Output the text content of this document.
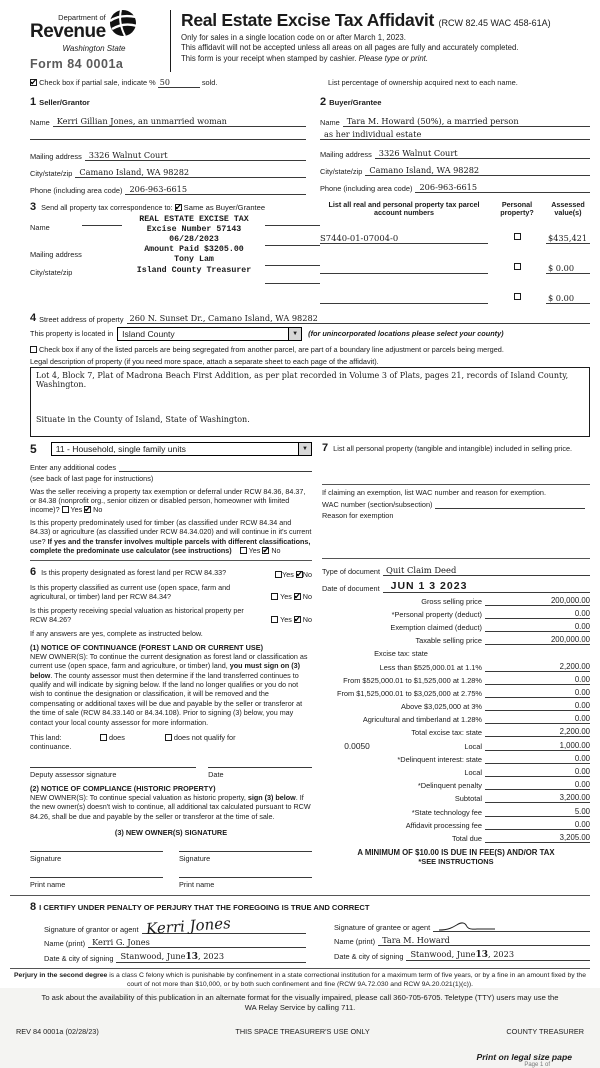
Department of
Revenue
Washington State
Form 84 0001a
Real Estate Excise Tax Affidavit (RCW 82.45 WAC 458-61A)
Only for sales in a single location code on or after March 1, 2023.
This affidavit will not be accepted unless all areas on all pages are fully and accurately completed.
This form is your receipt when stamped by cashier. Please type or print.
✔ Check box if partial sale, indicate % 50	sold.	List percentage of ownership acquired next to each name.
1 Seller/Grantor
Name Kerri Gillian Jones, an unmarried woman
Mailing address 3326 Walnut Court
City/state/zip Camano Island, WA 98282
Phone (including area code) 206-963-6615
2 Buyer/Grantee
Name Tara M. Howard (50%), a married person
as her individual estate
Mailing address 3326 Walnut Court
City/state/zip Camano Island, WA 98282
Phone (including area code) 206-963-6615
3 Send all property tax correspondence to: ✔ Same as Buyer/Grantee
Name
Mailing address
City/state/zip
REAL ESTATE EXCISE TAX
Excise Number 57143
06/28/2023
Amount Paid $3205.00
Tony Lam
Island County Treasurer
List all real and personal property tax parcel account numbers
Personal property?
Assessed value(s)
S7440-01-07004-0	$435,421
$ 0.00
$ 0.00
4 Street address of property 260 N. Sunset Dr., Camano Island, WA 98282
This property is located in	Island County	▼	(for unincorporated locations please select your county)
Check box if any of the listed parcels are being segregated from another parcel, are part of a boundary line adjustment or parcels being merged.
Legal description of property (if you need more space, attach a separate sheet to each page of the affidavit).
Lot 4, Block 7, Plat of Madrona Beach First Addition, as per plat recorded in Volume 3 of Plats, pages 21, records of Island County, Washington.
Situate in the County of Island, State of Washington.
5	11 - Household, single family units	▼
Enter any additional codes
(see back of last page for instructions)
Was the seller receiving a property tax exemption or deferral under RCW 84.36, 84.37, or 84.38 (nonprofit org., senior citizen or disabled person, homeowner with limited income)? Yes ✔ No
Is this property predominately used for timber (as classified under RCW 84.34 and 84.33) or agriculture (as classified under RCW 84.34.020) and will continue in it's current use? If yes and the transfer involves multiple parcels with different classifications, complete the predominate use calculator (see instructions) Yes ✔ No
6 Is this property designated as forest land per RCW 84.33?	Yes ✔ No
Is this property classified as current use (open space, farm and agricultural, or timber) land per RCW 84.34?	Yes ✔ No
Is this property receiving special valuation as historical property per RCW 84.26?	Yes ✔ No
If any answers are yes, complete as instructed below.
(1) NOTICE OF CONTINUANCE (FOREST LAND OR CURRENT USE)
NEW OWNER(S): To continue the current designation as forest land or classification as current use (open space, farm and agriculture, or timber) land, you must sign on (3) below. The county assessor must then determine if the land transferred continues to qualify and will indicate by signing below. If the land no longer qualifies or you do not wish to continue the designation or classification, it will be removed and the compensating or additional taxes will be due and payable by the seller or transferor at the time of sale (RCW 84.33.140 or 84.34.108). Prior to signing (3) below, you may contact your local county assessor for more information.
This land:	does	does not qualify for
continuance.
Deputy assessor signature	Date
(2) NOTICE OF COMPLIANCE (HISTORIC PROPERTY)
NEW OWNER(S): To continue special valuation as historic property, sign (3) below. If the new owner(s) doesn't wish to continue, all additional tax calculated pursuant to RCW 84.26, shall be due and payable by the seller or transferor at the time of sale.
(3) NEW OWNER(S) SIGNATURE
Signature
Print name
Signature
Print name
7 List all personal property (tangible and intangible) included in selling price.
If claiming an exemption, list WAC number and reason for exemption.
WAC number (section/subsection)
Reason for exemption
Type of document Quit Claim Deed
Date of document	JUN 1 3 2023
Gross selling price	200,000.00
*Personal property (deduct)	0.00
Exemption claimed (deduct)	0.00
Taxable selling price	200,000.00
Excise tax: state
Less than $525,000.01 at 1.1%	2,200.00
From $525,000.01 to $1,525,000 at 1.28%	0.00
From $1,525,000.01 to $3,025,000 at 2.75%	0.00
Above $3,025,000 at 3%	0.00
Agricultural and timberland at 1.28%	0.00
Total excise tax: state	2,200.00
0.0050	Local	1,000.00
*Delinquent interest: state	0.00
Local	0.00
*Delinquent penalty	0.00
Subtotal	3,200.00
*State technology fee	5.00
Affidavit processing fee	0.00
Total due	3,205.00
A MINIMUM OF $10.00 IS DUE IN FEE(S) AND/OR TAX
*SEE INSTRUCTIONS
8 I CERTIFY UNDER PENALTY OF PERJURY THAT THE FOREGOING IS TRUE AND CORRECT
Signature of grantor or agent Kerri Jones
Name (print) Kerri G. Jones
Date & city of signing Stanwood, June13, 2023
Signature of grantee or agent
Name (print) Tara M. Howard
Date & city of signing Stanwood, June13, 2023
Perjury in the second degree is a class C felony which is punishable by confinement in a state correctional institution for a maximum term of five years, or by a fine in an amount fixed by the court of not more than $10,000, or by both such confinement and fine (RCW 9A.72.030 and RCW 9A.20.021(1)(c)).
To ask about the availability of this publication in an alternate format for the visually impaired, please call 360-705-6705. Teletype (TTY) users may use the WA Relay Service by calling 711.
REV 84 0001a (02/28/23)	THIS SPACE TREASURER'S USE ONLY	COUNTY TREASURER
Print on legal size pape
Page 1 of
